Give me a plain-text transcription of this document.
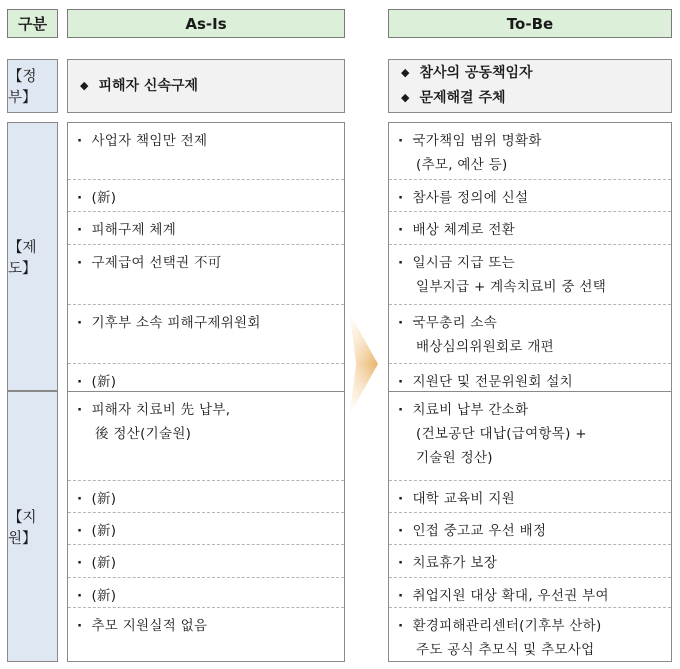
구분	As-Is	To-Be
【정부】
◆ 피해자 신속구제
◆ 참사의 공동책임자
◆ 문제해결 주체
【제도】
【지원】
· 사업자 책임만 전제
· (新)
· 피해구제 체계
· 구제급여 선택권 不可
· 기후부 소속 피해구제위원회
· (新)
· 피해자 치료비 先 납부,
後 정산(기술원)
· (新)
· (新)
· (新)
· (新)
· 추모 지원실적 없음
· 국가책임 범위 명확화
(추모, 예산 등)
· 참사를 정의에 신설
· 배상 체계로 전환
· 일시금 지급 또는
일부지급 + 계속치료비 중 선택
· 국무총리 소속
배상심의위원회로 개편
· 지원단 및 전문위원회 설치
· 치료비 납부 간소화
(건보공단 대납(급여항목) +
기술원 정산)
· 대학 교육비 지원
· 인접 중고교 우선 배정
· 치료휴가 보장
· 취업지원 대상 확대, 우선권 부여
· 환경피해관리센터(기후부 산하)
주도 공식 추모식 및 추모사업
